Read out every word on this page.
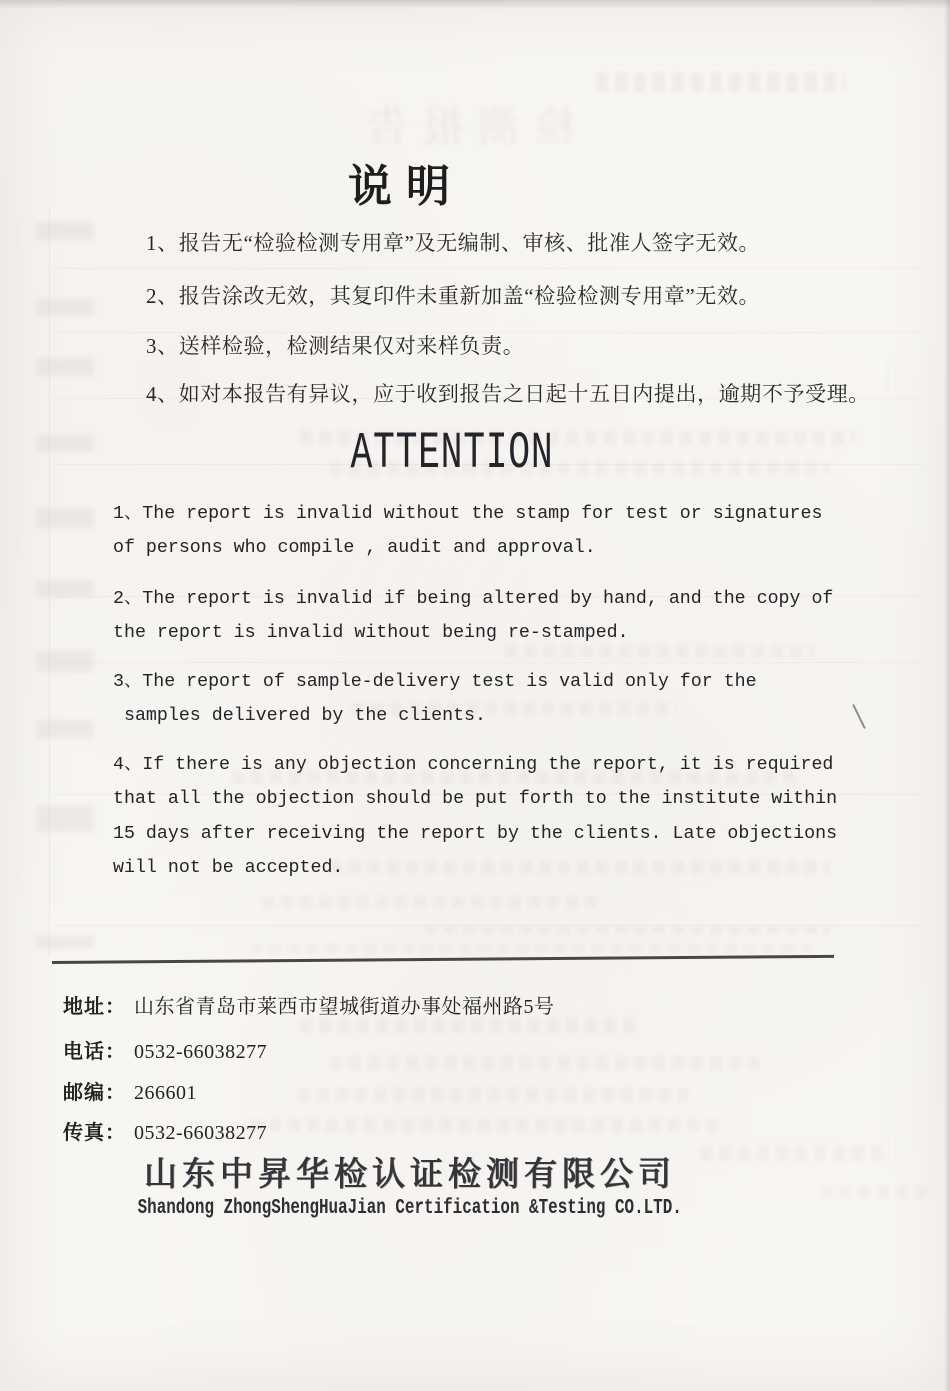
检测报告
说明
1、报告无“检验检测专用章”及无编制、审核、批准人签字无效。
2、报告涂改无效，其复印件未重新加盖“检验检测专用章”无效。
3、送样检验，检测结果仅对来样负责。
4、如对本报告有异议，应于收到报告之日起十五日内提出，逾期不予受理。
ATTENTION
1、The report is invalid without the stamp for test or signatures
of persons who compile , audit and approval.
2、The report is invalid if being altered by hand, and the copy of
the report is invalid without being re-stamped.
3、The report of sample-delivery test is valid only for the
samples delivered by the clients.
4、If there is any objection concerning the report, it is required
that all the objection should be put forth to the institute within
15 days after receiving the report by the clients. Late objections
will not be accepted.
地址： 山东省青岛市莱西市望城街道办事处福州路5号
电话： 0532-66038277
邮编： 266601
传真： 0532-66038277
山东中昇华检认证检测有限公司
Shandong ZhongShengHuaJian Certification &Testing CO.LTD.
